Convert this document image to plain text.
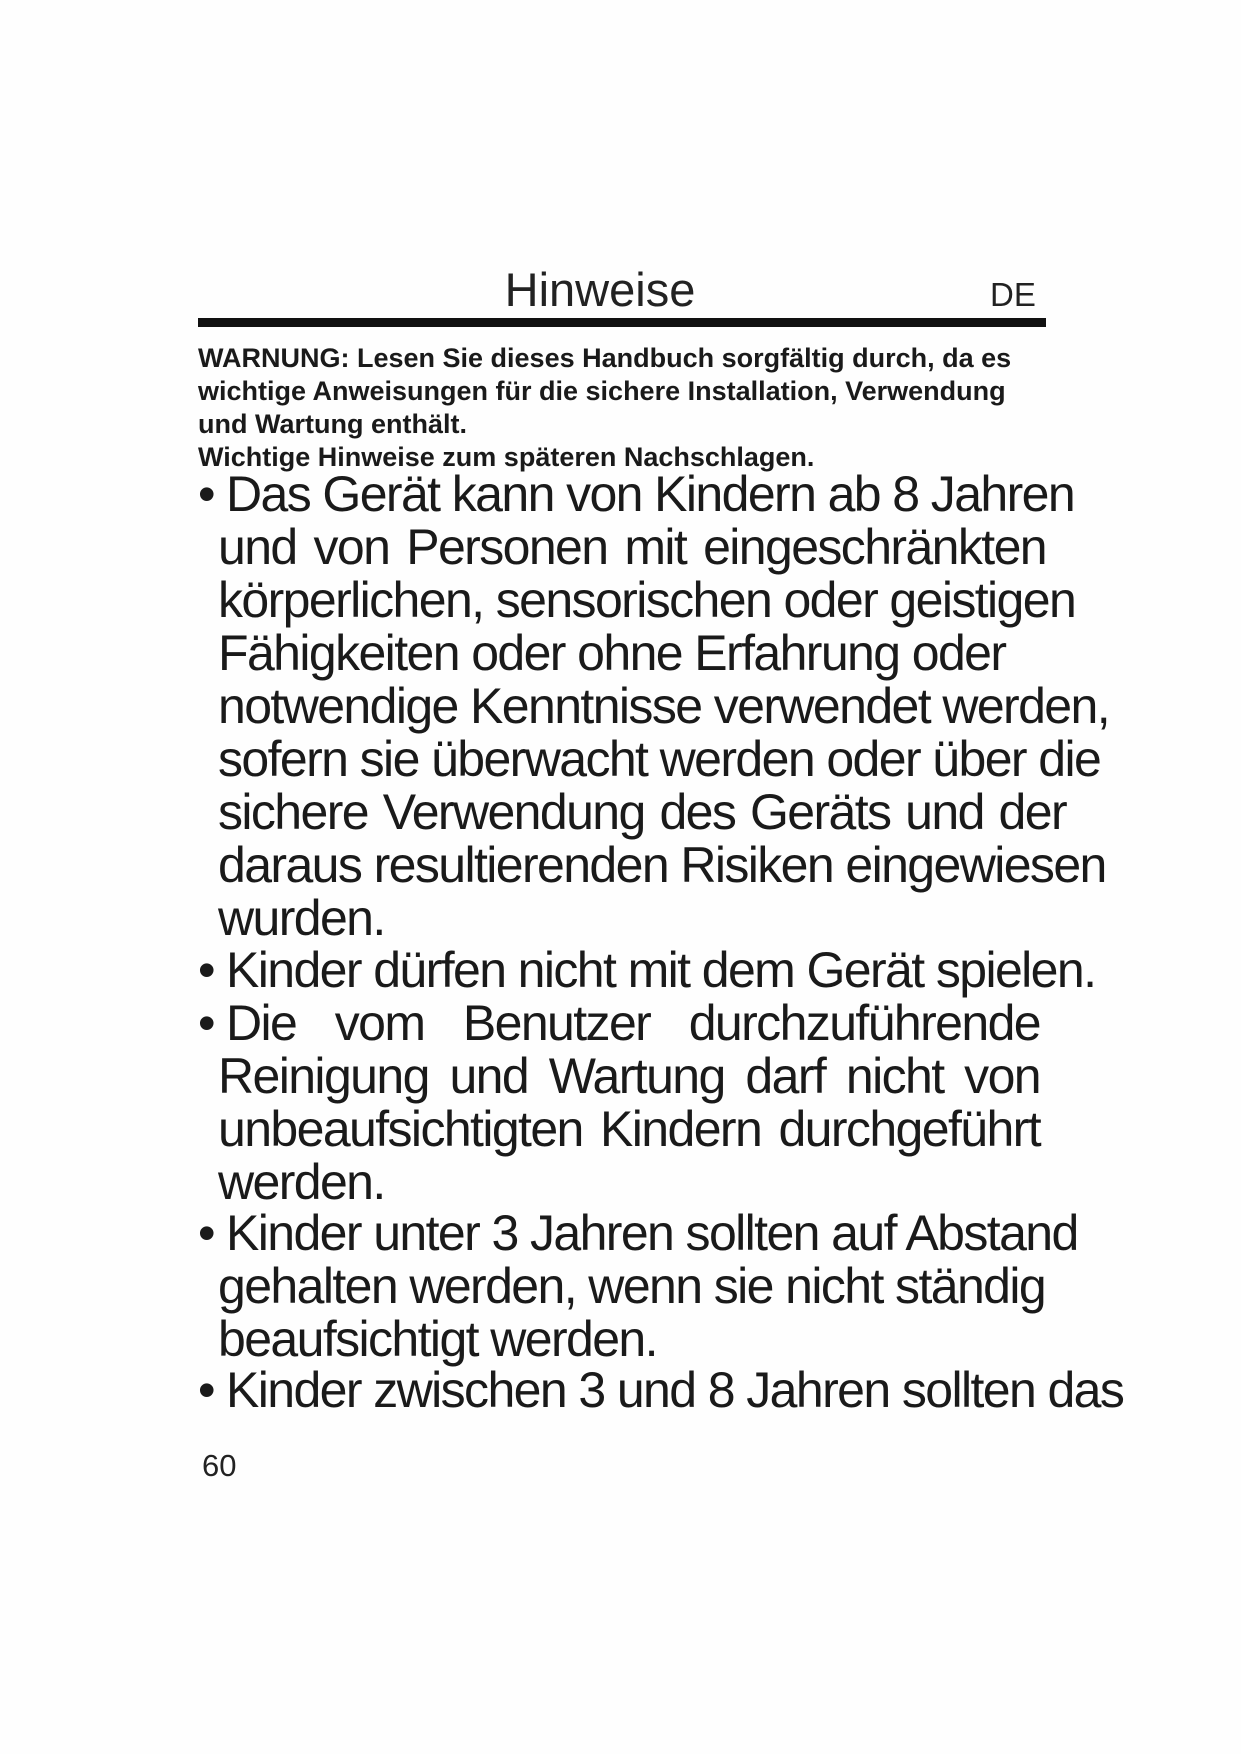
Hinweise	DE
WARNUNG: Lesen Sie dieses Handbuch sorgfältig durch, da es
wichtige Anweisungen für die sichere Installation, Verwendung
und Wartung enthält.
Wichtige Hinweise zum späteren Nachschlagen.
• Das Gerät kann von Kindern ab 8 Jahren
und von Personen mit eingeschränkten
körperlichen, sensorischen oder geistigen
Fähigkeiten oder ohne Erfahrung oder
notwendige Kenntnisse verwendet werden,
sofern sie überwacht werden oder über die
sichere Verwendung des Geräts und der
daraus resultierenden Risiken eingewiesen
wurden.
• Kinder dürfen nicht mit dem Gerät spielen.
• Die vom Benutzer durchzuführende
Reinigung und Wartung darf nicht von
unbeaufsichtigten Kindern durchgeführt
werden.
• Kinder unter 3 Jahren sollten auf Abstand
gehalten werden, wenn sie nicht ständig
beaufsichtigt werden.
• Kinder zwischen 3 und 8 Jahren sollten das
60
